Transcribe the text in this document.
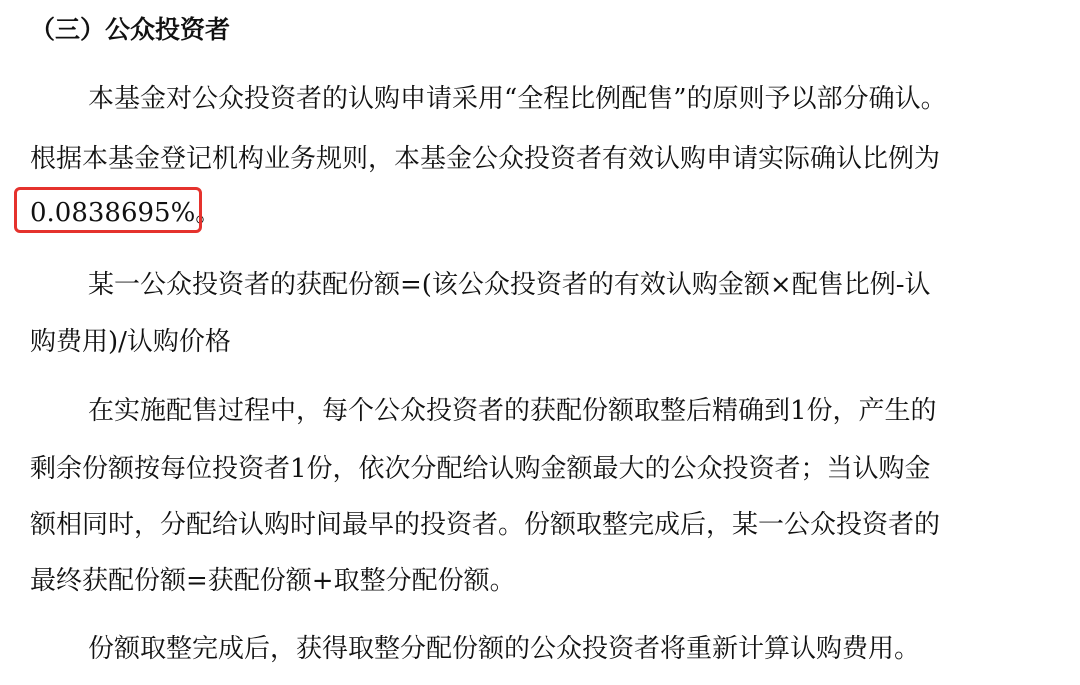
（三）公众投资者
本基金对公众投资者的认购申请采用“全程比例配售”的原则予以部分确认。
根据本基金登记机构业务规则，本基金公众投资者有效认购申请实际确认比例为
0.0838695%。
某一公众投资者的获配份额=(该公众投资者的有效认购金额×配售比例-认
购费用)/认购价格
在实施配售过程中，每个公众投资者的获配份额取整后精确到1份，产生的
剩余份额按每位投资者1份，依次分配给认购金额最大的公众投资者；当认购金
额相同时，分配给认购时间最早的投资者。份额取整完成后，某一公众投资者的
最终获配份额=获配份额+取整分配份额。
份额取整完成后，获得取整分配份额的公众投资者将重新计算认购费用。
